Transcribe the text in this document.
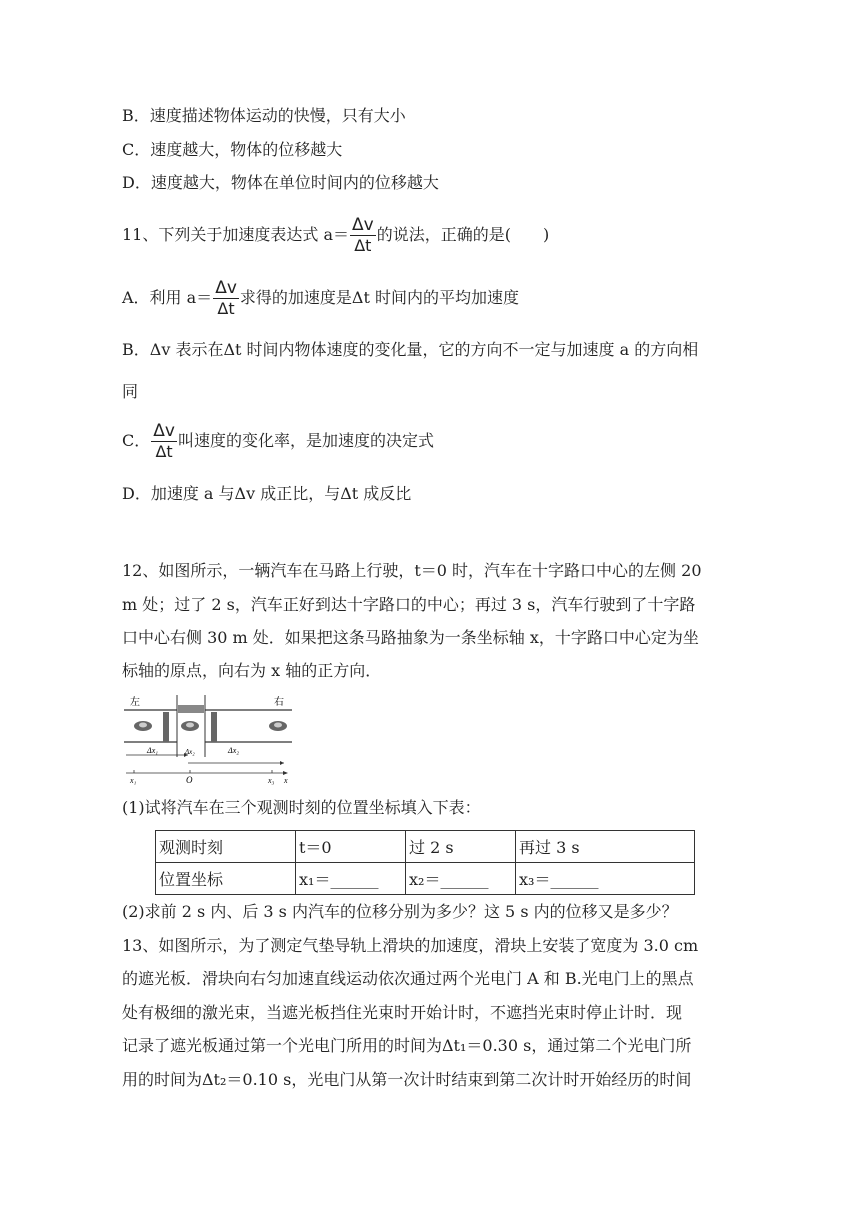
B．速度描述物体运动的快慢，只有大小
C．速度越大，物体的位移越大
D．速度越大，物体在单位时间内的位移越大
11、下列关于加速度表达式 $a= \frac{\Delta v}{\Delta t}$ 的说法，正确的是(　　)
A．利用 $a= \frac{\Delta v}{\Delta t}$ 求得的加速度是Δt 时间内的平均加速度
B．Δv 表示在Δt 时间内物体速度的变化量，它的方向不一定与加速度 a 的方向相
同
C． $\frac{\Delta v}{\Delta t}$ 叫速度的变化率，是加速度的决定式
D．加速度 a 与Δv 成正比，与Δt 成反比
12、如图所示，一辆汽车在马路上行驶，t＝0 时，汽车在十字路口中心的左侧 20
m 处；过了 2 s，汽车正好到达十字路口的中心；再过 3 s，汽车行驶到了十字路
口中心右侧 30 m 处．如果把这条马路抽象为一条坐标轴 x，十字路口中心定为坐
标轴的原点，向右为 x 轴的正方向．
左	右
Δx₁	Δx₂	Δx₂
x₁	O	x₃ x
(1)试将汽车在三个观测时刻的位置坐标填入下表：
观测时刻	t＝0	过 2 s	再过 3 s
位置坐标	x₁＝______	x₂＝______	x₃＝______
(2)求前 2 s 内、后 3 s 内汽车的位移分别为多少？这 5 s 内的位移又是多少？
13、如图所示，为了测定气垫导轨上滑块的加速度，滑块上安装了宽度为 3.0 cm
的遮光板．滑块向右匀加速直线运动依次通过两个光电门 A 和 B.光电门上的黑点
处有极细的激光束，当遮光板挡住光束时开始计时，不遮挡光束时停止计时．现
记录了遮光板通过第一个光电门所用的时间为Δt₁＝0.30 s，通过第二个光电门所
用的时间为Δt₂＝0.10 s，光电门从第一次计时结束到第二次计时开始经历的时间
